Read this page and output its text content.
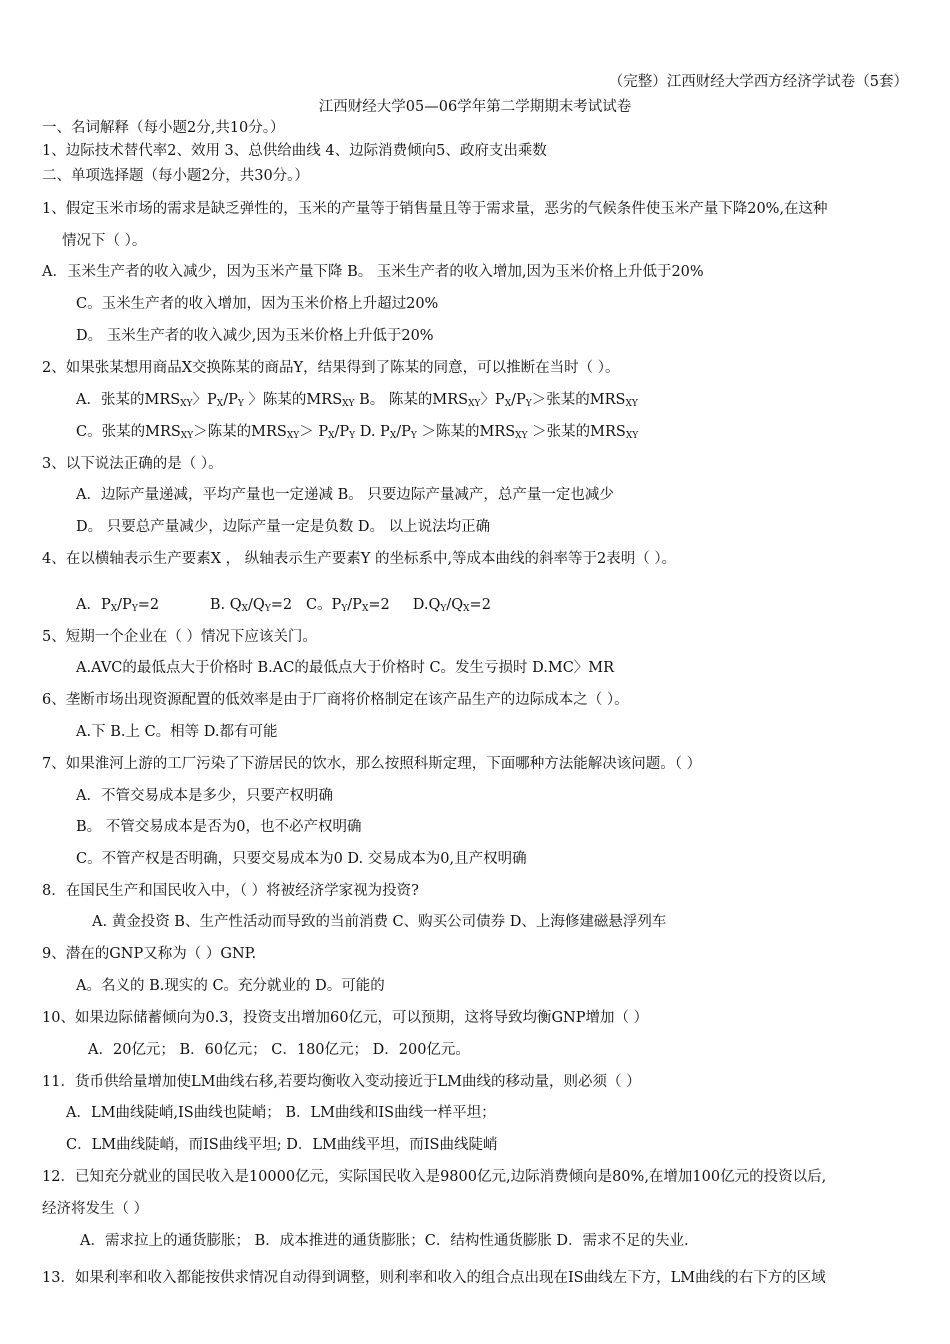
（完整）江西财经大学西方经济学试卷（5套）
江西财经大学05—06学年第二学期期末考试试卷
一、名词解释（每小题2分,共10分。）
1、边际技术替代率2、效用 3、总供给曲线 4、边际消费倾向5、政府支出乘数
二、单项选择题（每小题2分，共30分。）
1、假定玉米市场的需求是缺乏弹性的，玉米的产量等于销售量且等于需求量，恶劣的气候条件使玉米产量下降20%,在这种
情况下（ ）。
A．玉米生产者的收入减少，因为玉米产量下降 B。 玉米生产者的收入增加,因为玉米价格上升低于20%
C。玉米生产者的收入增加，因为玉米价格上升超过20%
D。 玉米生产者的收入减少,因为玉米价格上升低于20%
2、如果张某想用商品X交换陈某的商品Y，结果得到了陈某的同意，可以推断在当时（ ）。
A．张某的$MRS_{XY}$〉$P_X/P_Y$ 〉陈某的$MRS_{XY}$ B。 陈某的$MRS_{XY}$〉$P_X/P_Y>$张某的$MRS_{XY}$
C。张某的$MRS_{XY}>$陈某的$MRS_{XY}> P_X/P_Y$ D. $P_X/P_Y$ ＞陈某的$MRS_{XY}$ ＞张某的$MRS_{XY}$
3、以下说法正确的是（ ）。
A．边际产量递减，平均产量也一定递减 B。 只要边际产量减产，总产量一定也减少
D。 只要总产量减少，边际产量一定是负数 D。 以上说法均正确
4、在以横轴表示生产要素X ， 纵轴表示生产要素Y 的坐标系中,等成本曲线的斜率等于2表明（ ）。
A．$P_X/P_Y=2$           B. $Q_X/Q_Y=2$   C。$P_Y/P_X=2$     $D.Q_Y/Q_X=2$
5、短期一个企业在（ ）情况下应该关门。
A.AVC的最低点大于价格时 B.AC的最低点大于价格时 C。发生亏损时 D.MC〉MR
6、垄断市场出现资源配置的低效率是由于厂商将价格制定在该产品生产的边际成本之（ ）。
A.下 B.上 C。相等 D.都有可能
7、如果淮河上游的工厂污染了下游居民的饮水，那么按照科斯定理，下面哪种方法能解决该问题。（ ）
A．不管交易成本是多少，只要产权明确
B。 不管交易成本是否为0，也不必产权明确
C。不管产权是否明确，只要交易成本为0 D. 交易成本为0,且产权明确
8．在国民生产和国民收入中，（ ）将被经济学家视为投资?
A. 黄金投资 B、生产性活动而导致的当前消费 C、购买公司债券 D、上海修建磁悬浮列车
9、潜在的GNP又称为（ ）GNP.
A。名义的 B.现实的 C。充分就业的 D。可能的
10、如果边际储蓄倾向为0.3，投资支出增加60亿元，可以预期，这将导致均衡GNP增加（ ）
A．20亿元； B．60亿元； C．180亿元； D．200亿元。
11．货币供给量增加使LM曲线右移,若要均衡收入变动接近于LM曲线的移动量，则必须（ ）
A．LM曲线陡峭,IS曲线也陡峭； B．LM曲线和IS曲线一样平坦；
C．LM曲线陡峭，而IS曲线平坦; D．LM曲线平坦，而IS曲线陡峭
12．已知充分就业的国民收入是10000亿元，实际国民收入是9800亿元,边际消费倾向是80%,在增加100亿元的投资以后,
经济将发生（ ）
A．需求拉上的通货膨胀； B．成本推进的通货膨胀；C．结构性通货膨胀 D．需求不足的失业.
13．如果利率和收入都能按供求情况自动得到调整，则利率和收入的组合点出现在IS曲线左下方，LM曲线的右下方的区域
